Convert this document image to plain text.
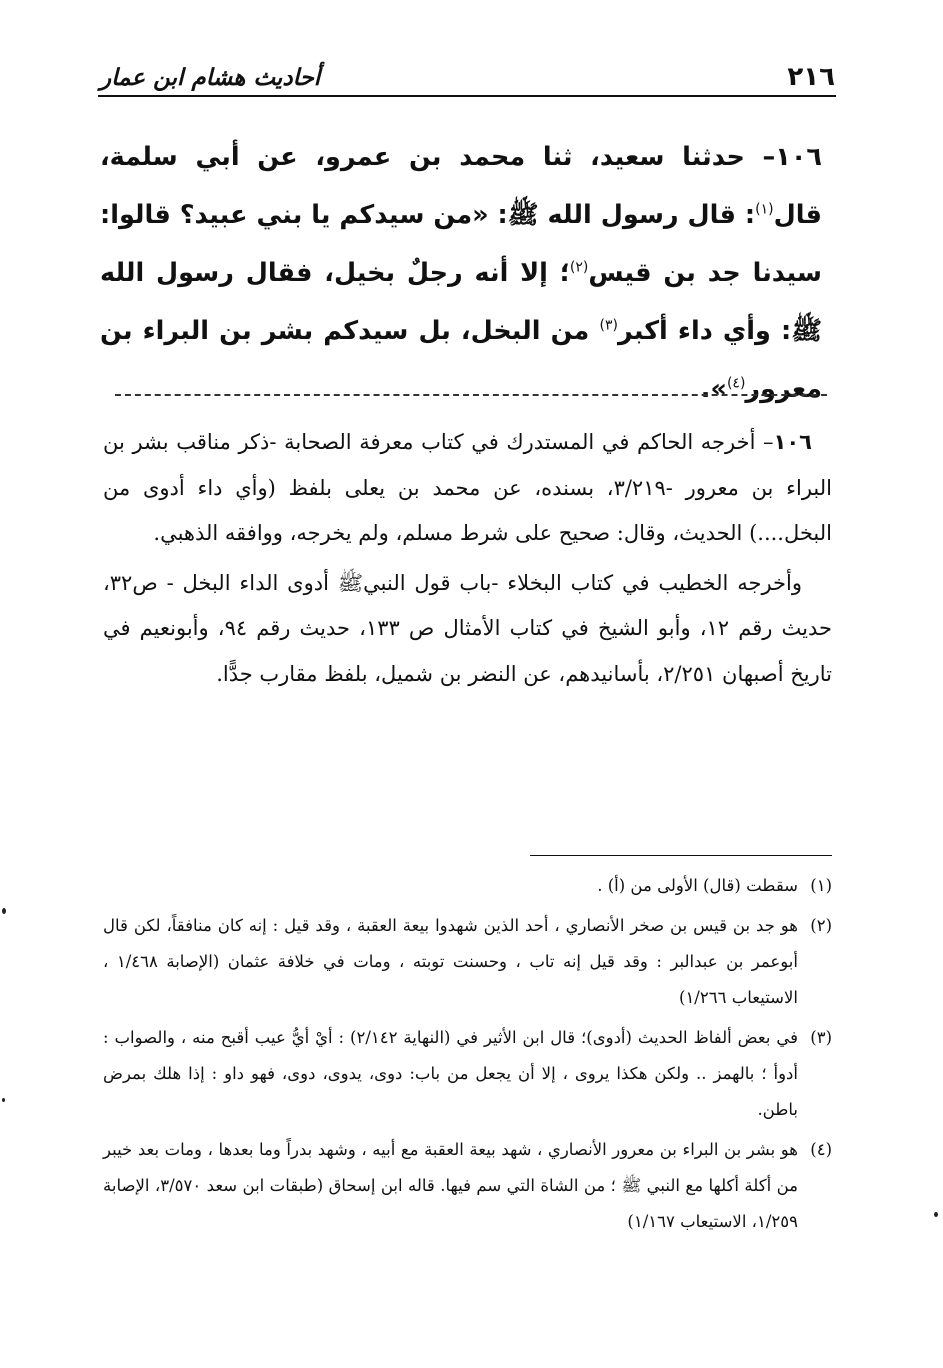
٢١٦
أحاديث هشام ابن عمار
١٠٦– حدثنا سعيد، ثنا محمد بن عمرو، عن أبي سلمة، قال$^{(١)}$: قال رسول الله ﷺ: «من سيدكم يا بني عبيد؟ قالوا: سيدنا جد بن قيس$^{(٢)}$؛ إلا أنه رجلٌ بخيل، فقال رسول الله ﷺ: وأي داء أكبر$^{(٣)}$ من البخل، بل سيدكم بشر بن البراء بن معرور$^{(٤)}$».

١٠٦– أخرجه الحاكم في المستدرك في كتاب معرفة الصحابة -ذكر مناقب بشر بن البراء بن معرور -٣/٢١٩، بسنده، عن محمد بن يعلى بلفظ (وأي داء أدوى من البخل....) الحديث، وقال: صحيح على شرط مسلم، ولم يخرجه، ووافقه الذهبي.

وأخرجه الخطيب في كتاب البخلاء -باب قول النبيﷺ أدوى الداء البخل - ص٣٢، حديث رقم ١٢، وأبو الشيخ في كتاب الأمثال ص ١٣٣، حديث رقم ٩٤، وأبونعيم في تاريخ أصبهان ٢/٢٥١، بأسانيدهم، عن النضر بن شميل، بلفظ مقارب جدًّا.

(١)
سقطت (قال) الأولى من (أ) .
(٢)
هو جد بن قيس بن صخر الأنصاري ، أحد الذين شهدوا بيعة العقبة ، وقد قيل : إنه كان منافقاً، لكن قال أبوعمر بن عبدالبر : وقد قيل إنه تاب ، وحسنت توبته ، ومات في خلافة عثمان (الإصابة ١/٤٦٨ ، الاستيعاب ١/٢٦٦)
(٣)
في بعض ألفاظ الحديث (أدوى)؛ قال ابن الأثير في (النهاية ٢/١٤٢) : أيْ أيُّ عيب أقبح منه ، والصواب : أدوأ ؛ بالهمز .. ولكن هكذا يروى ، إلا أن يجعل من باب: دوى، يدوى، دوى، فهو داو : إذا هلك بمرض باطن.
(٤)
هو بشر بن البراء بن معرور الأنصاري ، شهد بيعة العقبة مع أبيه ، وشهد بدراً وما بعدها ، ومات بعد خيبر من أكلة أكلها مع النبي ﷺ ؛ من الشاة التي سم فيها. قاله ابن إسحاق (طبقات ابن سعد ٣/٥٧٠، الإصابة ١/٢٥٩، الاستيعاب ١/١٦٧)
